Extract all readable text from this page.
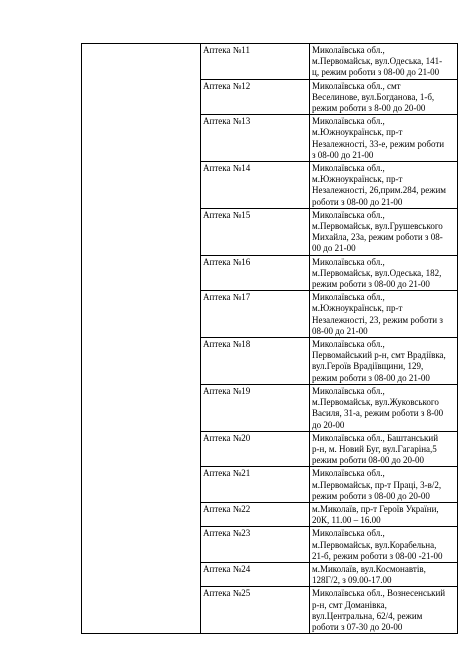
	Аптека №11	Миколаївська обл.,
м.Первомайськ, вул.Одеська, 141-
ц, режим роботи з 08-00 до 21-00

	Аптека №12	Миколаївська обл., смт
Веселинове, вул.Богданова, 1-б,
режим роботи з 8-00 до 20-00

	Аптека №13	Миколаївська обл.,
м.Южноукраїнськ, пр-т
Незалежності, 33-е, режим роботи
з 08-00 до 21-00

	Аптека №14	Миколаївська обл.,
м.Южноукраїнськ, пр-т
Незалежності, 26,прим.284, режим
роботи з 08-00 до 21-00

	Аптека №15	Миколаївська обл.,
м.Первомайськ, вул.Грушевського
Михайла, 23а, режим роботи з 08-
00 до 21-00

	Аптека №16	Миколаївська обл.,
м.Первомайськ, вул.Одеська, 182,
режим роботи з 08-00 до 21-00

	Аптека №17	Миколаївська обл.,
м.Южноукраїнськ, пр-т
Незалежності, 23, режим роботи з
08-00 до 21-00

	Аптека №18	Миколаївська обл.,
Первомайський р-н, смт Врадіївка,
вул.Героїв Врадіївщини, 129,
режим роботи з 08-00 до 21-00

	Аптека №19	Миколаївська обл.,
м.Первомайськ, вул.Жуковського
Василя, 31-а, режим роботи з 8-00
до 20-00

	Аптека №20	Миколаївська обл., Баштанський
р-н, м. Новий Буг, вул.Гагаріна,5
режим роботи 08-00 до 20-00

	Аптека №21	Миколаївська обл.,
м.Первомайськ, пр-т Праці, 3-в/2,
режим роботи з 08-00 до 20-00

	Аптека №22	м.Миколаїв, пр-т Героїв України,
20К, 11.00 – 16.00

	Аптека №23	Миколаївська обл.,
м.Первомайськ, вул.Корабельна,
21-б, режим роботи з 08-00 -21-00

	Аптека №24	м.Миколаїв, вул.Космонавтів,
128Г/2, з 09.00-17.00

	Аптека №25	Миколаївська обл., Вознесенський
р-н, смт Доманівка,
вул.Центральна, 62/4, режим
роботи з 07-30 до 20-00
